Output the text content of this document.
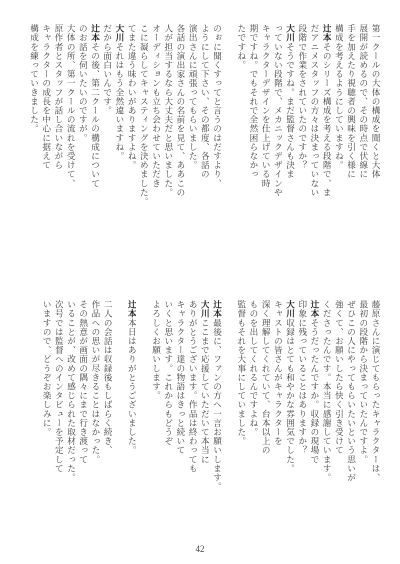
第一クールの大体の構成を聞くと大体
展開が読めるので、その時点で伏線に
手を加えたり視聴者の興味を引く様に
構成を考えるようにしていますね。
辻本そのシリーズ構成を考える段階で、ま
だアニメスタッフの方々は決まっていない
段階で作業をされていたのですか？
大川そうですね。まだ監督さんも決ま
っていない段階で、メカニックデザインや
キャラクターデザインを仕上げている時
期ですね。でもそれで全然困らなかっ
たですね。
のぉに聞くすってと言うのはだすより、
ようにして下さい、その都度、各話の
演出さんに頑張ってもらいました。
各話の演出家さんの名前を見て、ああこの
人が担当するなら大丈夫だと思いました。
オーディションも立ち会わせていただき
こに凝らしてキャスティングを決めました。
てまた違う味わいがありますよね。
大川それはもう全然違いますね。
だから面白いんです。
辻本その後、第二クールの構成について
のお話を伺いたいのですが。
大体の所、第一クールの流れを受けて、
原作者とスタッフが話し合いながら
キャラクターの成長を中心に据えて
構成を練っていきました。
藤原さんに演じてもらったキャラクターは、
最初の段階から決まっていたんですよ。
ぜひこの人にやってもらいたいという思いが
強くて、お願いしたら快く引き受けて
くださったんです。本当に感謝しています。
辻本そうだったんですか。収録の現場で
印象に残っていることはありますか？
大川収録はとても和やかな雰囲気でした。
キャストの皆さんがキャラクターを
深く理解してくれていて、台本以上の
ものを出してくれるんですよね。
監督もそれを大事にしていました。
辻本最後に、ファンの方へ一言お願いします。
大川ここまで応援していただいて本当に
ありがとうございます。作品は終わっても
キャラクター達の物語はきっと続いて
いくと思います。これからもどうぞ
よろしくお願いします。
辻本本日はありがとうございました。
二人の会話は収録後もしばらく続き、
作品への思いが尽きることはなかった。
その熱意が画面の隅々にまで行き渡って
いることが、改めて感じられた取材だった。
次号では監督へのインタビューを予定して
いますので、どうぞお楽しみに。
42
